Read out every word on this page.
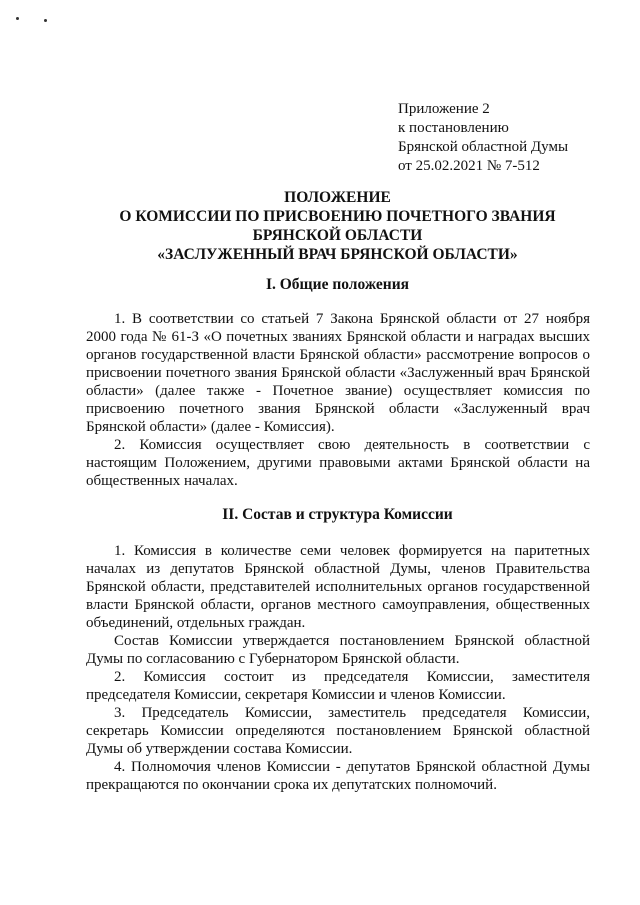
Приложение 2
к постановлению
Брянской областной Думы
от 25.02.2021 № 7-512
ПОЛОЖЕНИЕ
О КОМИССИИ ПО ПРИСВОЕНИЮ ПОЧЕТНОГО ЗВАНИЯ
БРЯНСКОЙ ОБЛАСТИ
«ЗАСЛУЖЕННЫЙ ВРАЧ БРЯНСКОЙ ОБЛАСТИ»
I. Общие положения

1. В соответствии со статьей 7 Закона Брянской области от 27 ноября 2000 года № 61-З «О почетных званиях Брянской области и наградах высших органов государственной власти Брянской области» рассмотрение вопросов о присвоении почетного звания Брянской области «Заслуженный врач Брянской области» (далее также - Почетное звание) осуществляет комиссия по присвоению почетного звания Брянской области «Заслуженный врач Брянской области» (далее - Комиссия).

2. Комиссия осуществляет свою деятельность в соответствии с настоящим Положением, другими правовыми актами Брянской области на общественных началах.

II. Состав и структура Комиссии

1. Комиссия в количестве семи человек формируется на паритетных началах из депутатов Брянской областной Думы, членов Правительства Брянской области, представителей исполнительных органов государственной власти Брянской области, органов местного самоуправления, общественных объединений, отдельных граждан.

Состав Комиссии утверждается постановлением Брянской областной Думы по согласованию с Губернатором Брянской области.

2. Комиссия состоит из председателя Комиссии, заместителя председателя Комиссии, секретаря Комиссии и членов Комиссии.

3. Председатель Комиссии, заместитель председателя Комиссии, секретарь Комиссии определяются постановлением Брянской областной Думы об утверждении состава Комиссии.

4. Полномочия членов Комиссии - депутатов Брянской областной Думы прекращаются по окончании срока их депутатских полномочий.
